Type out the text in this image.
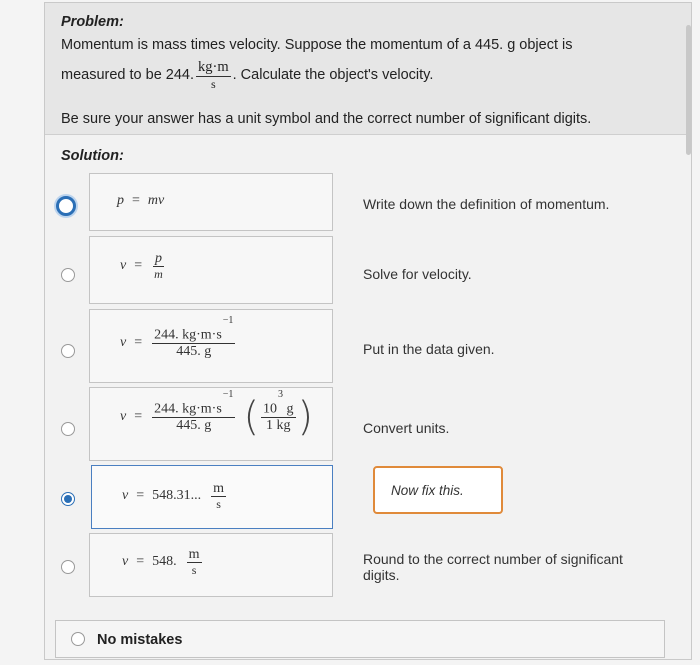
Problem:
Momentum is mass times velocity. Suppose the momentum of a 445. g object is
measured to be 244. $\frac{kg\cdot m}{s}$ . Calculate the object's velocity.
Be sure your answer has a unit symbol and the correct number of significant digits.
Solution:
p = mv	Write down the definition of momentum.
$v = \frac{p}{m}$	Solve for velocity.
$v = \frac{244. kg\cdot m\cdot s^{-1}}{445. g}$	Put in the data given.
$v = \frac{244. kg\cdot m\cdot s^{-1}}{445. g}$ ( $\frac{10^3 g}{1 kg}$ )	Convert units.
v = 548.31... $\frac{m}{s}$	Now fix this.
v = 548. $\frac{m}{s}$	Round to the correct number of significant digits.
No mistakes
